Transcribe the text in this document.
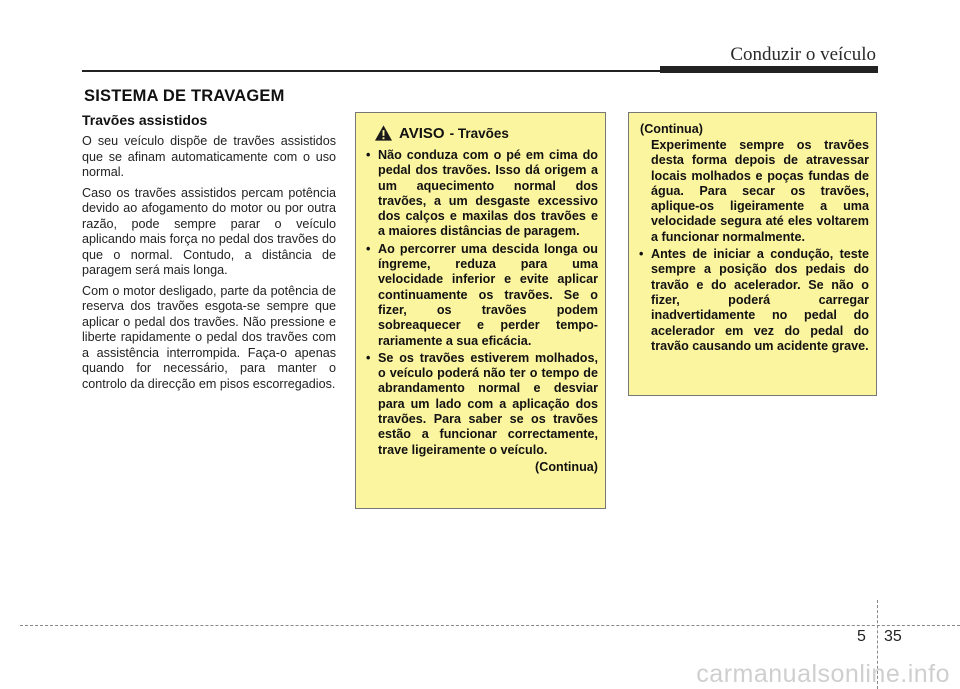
Conduzir o veículo
SISTEMA DE TRAVAGEM
Travões assistidos

O seu veículo dispõe de travões assistidos que se afinam automaticamente com o uso normal.

Caso os travões assistidos percam potência devido ao afogamento do motor ou por outra razão, pode sempre parar o veículo aplicando mais força no pedal dos travões do que o normal. Contudo, a distância de paragem será mais longa.

Com o motor desligado, parte da potência de reserva dos travões esgota-se sempre que aplicar o pedal dos travões. Não pressione e liberte rapidamente o pedal dos travões com a assistência interrompida. Faça-o apenas quando for necessário, para manter o controlo da direcção em pisos escorregadios.

AVISO - Travões
• Não conduza com o pé em cima do pedal dos travões. Isso dá origem a um aquecimento normal dos travões, a um desgaste excessivo dos calços e maxilas dos travões e a maiores distâncias de paragem.
• Ao percorrer uma descida longa ou íngreme, reduza para uma velocidade inferior e evite aplicar continuamente os travões. Se o fizer, os travões podem sobreaquecer e perder tempo-rariamente a sua eficácia.
• Se os travões estiverem molhados, o veículo poderá não ter o tempo de abrandamento normal e desviar para um lado com a aplicação dos travões. Para saber se os travões estão a funcionar correctamente, trave ligeiramente o veículo.
(Continua)
(Continua)
Experimente sempre os travões desta forma depois de atravessar locais molhados e poças fundas de água. Para secar os travões, aplique-os ligeiramente a uma velocidade segura até eles voltarem a funcionar normalmente.
• Antes de iniciar a condução, teste sempre a posição dos pedais do travão e do acelerador. Se não o fizer, poderá carregar inadvertidamente no pedal do acelerador em vez do pedal do travão causando um acidente grave.
5 35
carmanualsonline.info
